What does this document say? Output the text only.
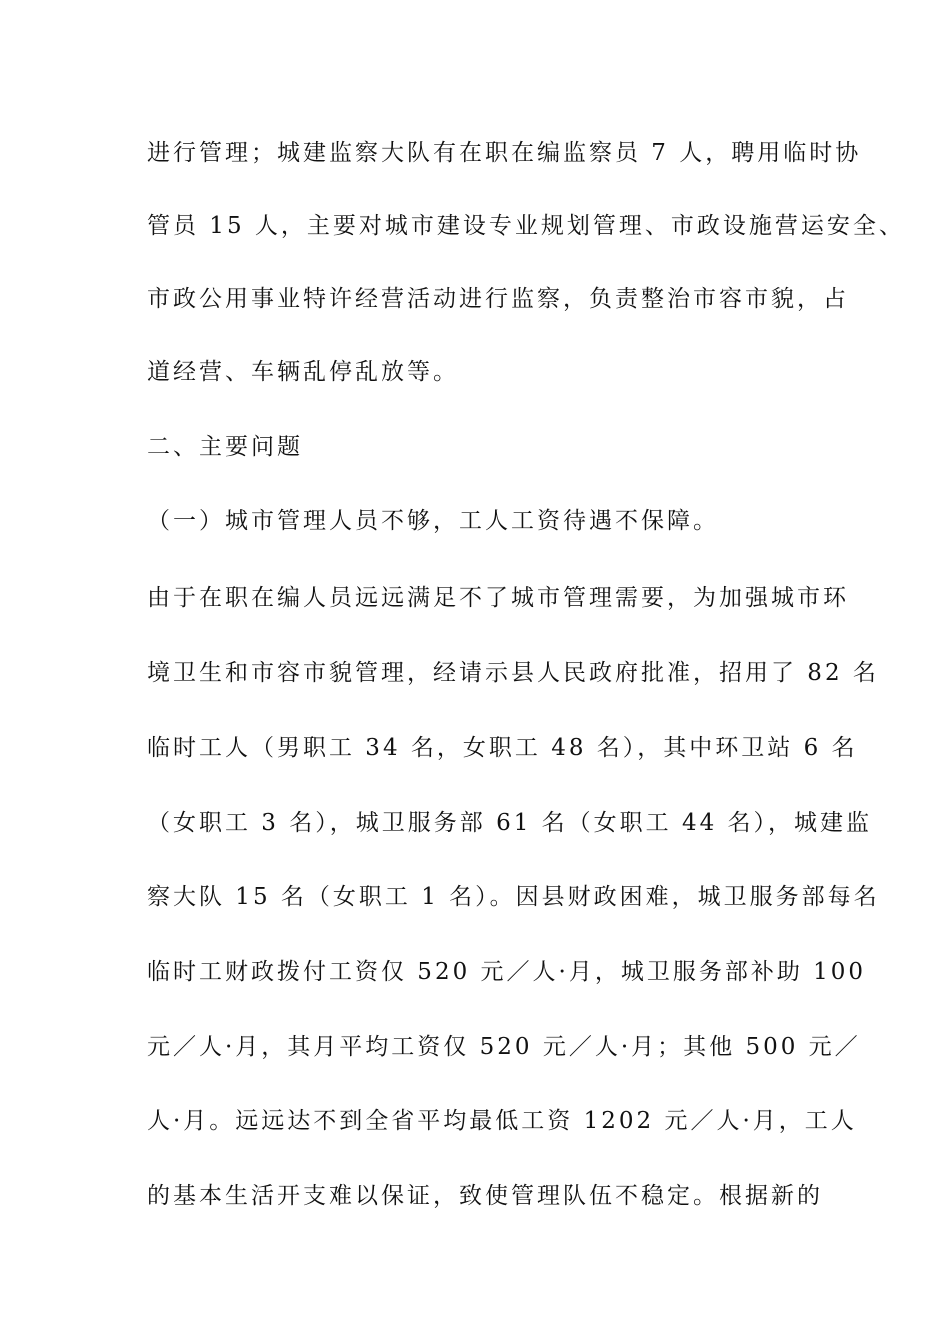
进行管理；城建监察大队有在职在编监察员 7 人，聘用临时协
管员 15 人，主要对城市建设专业规划管理、市政设施营运安全、
市政公用事业特许经营活动进行监察，负责整治市容市貌，占
道经营、车辆乱停乱放等。
二、主要问题
（一）城市管理人员不够，工人工资待遇不保障。
由于在职在编人员远远满足不了城市管理需要，为加强城市环
境卫生和市容市貌管理，经请示县人民政府批准，招用了 82 名
临时工人（男职工 34 名，女职工 48 名），其中环卫站 6 名
（女职工 3 名），城卫服务部 61 名（女职工 44 名），城建监
察大队 15 名（女职工 1 名）。因县财政困难，城卫服务部每名
临时工财政拨付工资仅 520 元／人·月，城卫服务部补助 100
元／人·月，其月平均工资仅 520 元／人·月；其他 500 元／
人·月。远远达不到全省平均最低工资 1202 元／人·月，工人
的基本生活开支难以保证，致使管理队伍不稳定。根据新的
